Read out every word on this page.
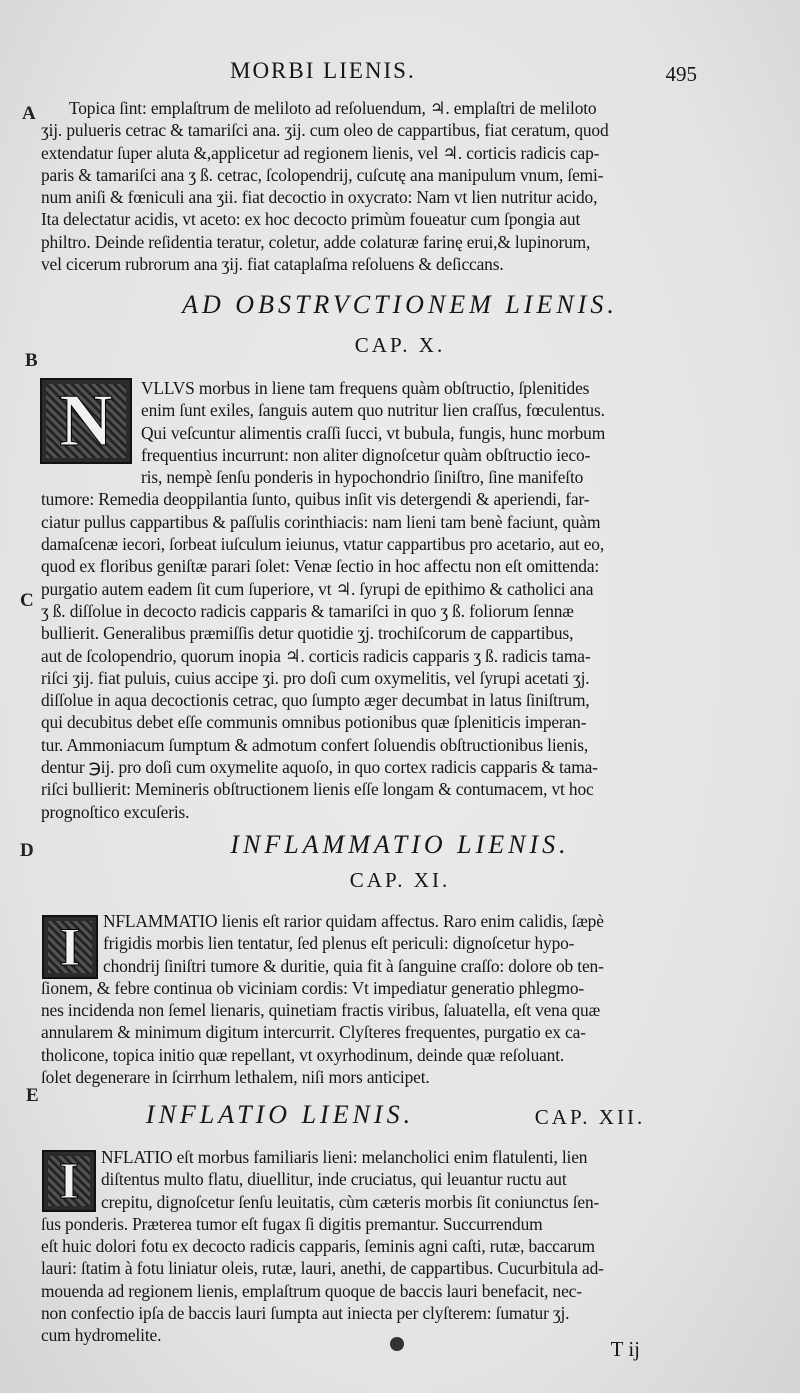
MORBI LIENIS.	495
A
B
C
D
E
Topica ſint: emplaſtrum de meliloto ad reſoluendum, ♃. emplaſtri de meliloto
ʒij. pulueris cetrac & tamariſci ana. ʒij. cum oleo de cappartibus, fiat ceratum, quod
extendatur ſuper aluta &,applicetur ad regionem lienis, vel ♃. corticis radicis cap-
paris & tamariſci ana ʒ ß. cetrac, ſcolopendrij, cuſcutę ana manipulum vnum, ſemi-
num aniſi & fœniculi ana ʒii. fiat decoctio in oxycrato: Nam vt lien nutritur acido,
Ita delectatur acidis, vt aceto: ex hoc decocto primùm foueatur cum ſpongia aut
philtro. Deinde reſidentia teratur, coletur, adde colaturæ farinę erui,& lupinorum,
vel cicerum rubrorum ana ʒij. fiat cataplaſma reſoluens & deſiccans.
AD OBSTRVCTIONEM LIENIS.
CAP. X.
N	VLLVS morbus in liene tam frequens quàm obſtructio, ſplenitides
enim ſunt exiles, ſanguis autem quo nutritur lien craſſus, fœculentus.
Qui veſcuntur alimentis craſſi ſucci, vt bubula, fungis, hunc morbum
frequentius incurrunt: non aliter dignoſcetur quàm obſtructio ieco-
ris, nempè ſenſu ponderis in hypochondrio ſiniſtro, ſine manifeſto
tumore: Remedia deoppilantia ſunto, quibus inſit vis detergendi & aperiendi, far-
ciatur pullus cappartibus & paſſulis corinthiacis: nam lieni tam benè faciunt, quàm
damaſcenæ iecori, ſorbeat iuſculum ieiunus, vtatur cappartibus pro acetario, aut eo,
quod ex floribus geniſtæ parari ſolet: Venæ ſectio in hoc affectu non eſt omittenda:
purgatio autem eadem ſit cum ſuperiore, vt ♃. ſyrupi de epithimo & catholici ana
ʒ ß. diſſolue in decocto radicis capparis & tamariſci in quo ʒ ß. foliorum ſennæ
bullierit. Generalibus præmiſſis detur quotidie ʒj. trochiſcorum de cappartibus,
aut de ſcolopendrio, quorum inopia ♃. corticis radicis capparis ʒ ß. radicis tama-
riſci ʒij. fiat puluis, cuius accipe ʒi. pro doſi cum oxymelitis, vel ſyrupi acetati ʒj.
diſſolue in aqua decoctionis cetrac, quo ſumpto æger decumbat in latus ſiniſtrum,
qui decubitus debet eſſe communis omnibus potionibus quæ ſpleniticis imperan-
tur. Ammoniacum ſumptum & admotum confert ſoluendis obſtructionibus lienis,
dentur ℈ij. pro doſi cum oxymelite aquoſo, in quo cortex radicis capparis & tama-
riſci bullierit: Memineris obſtructionem lienis eſſe longam & contumacem, vt hoc
prognoſtico excuſeris.
INFLAMMATIO LIENIS.
CAP. XI.
I	NFLAMMATIO lienis eſt rarior quidam affectus. Raro enim calidis, ſæpè
frigidis morbis lien tentatur, ſed plenus eſt periculi: dignoſcetur hypo-
chondrij ſiniſtri tumore & duritie, quia fit à ſanguine craſſo: dolore ob ten-
ſionem, & febre continua ob viciniam cordis: Vt impediatur generatio phlegmo-
nes incidenda non ſemel lienaris, quinetiam fractis viribus, ſaluatella, eſt vena quæ
annularem & minimum digitum intercurrit. Clyſteres frequentes, purgatio ex ca-
tholicone, topica initio quæ repellant, vt oxyrhodinum, deinde quæ reſoluant.
ſolet degenerare in ſcirrhum lethalem, niſi mors anticipet.
INFLATIO LIENIS.	CAP. XII.
I	NFLATIO eſt morbus familiaris lieni: melancholici enim flatulenti, lien
diſtentus multo flatu, diuellitur, inde cruciatus, qui leuantur ructu aut
crepitu, dignoſcetur ſenſu leuitatis, cùm cæteris morbis ſit coniunctus ſen-
ſus ponderis. Præterea tumor eſt fugax ſi digitis premantur. Succurrendum
eſt huic dolori fotu ex decocto radicis capparis, ſeminis agni caſti, rutæ, baccarum
lauri: ſtatim à fotu liniatur oleis, rutæ, lauri, anethi, de cappartibus. Cucurbitula ad-
mouenda ad regionem lienis, emplaſtrum quoque de baccis lauri benefacit, nec-
non confectio ipſa de baccis lauri ſumpta aut iniecta per clyſterem: ſumatur ʒj.
cum hydromelite.
T ij
